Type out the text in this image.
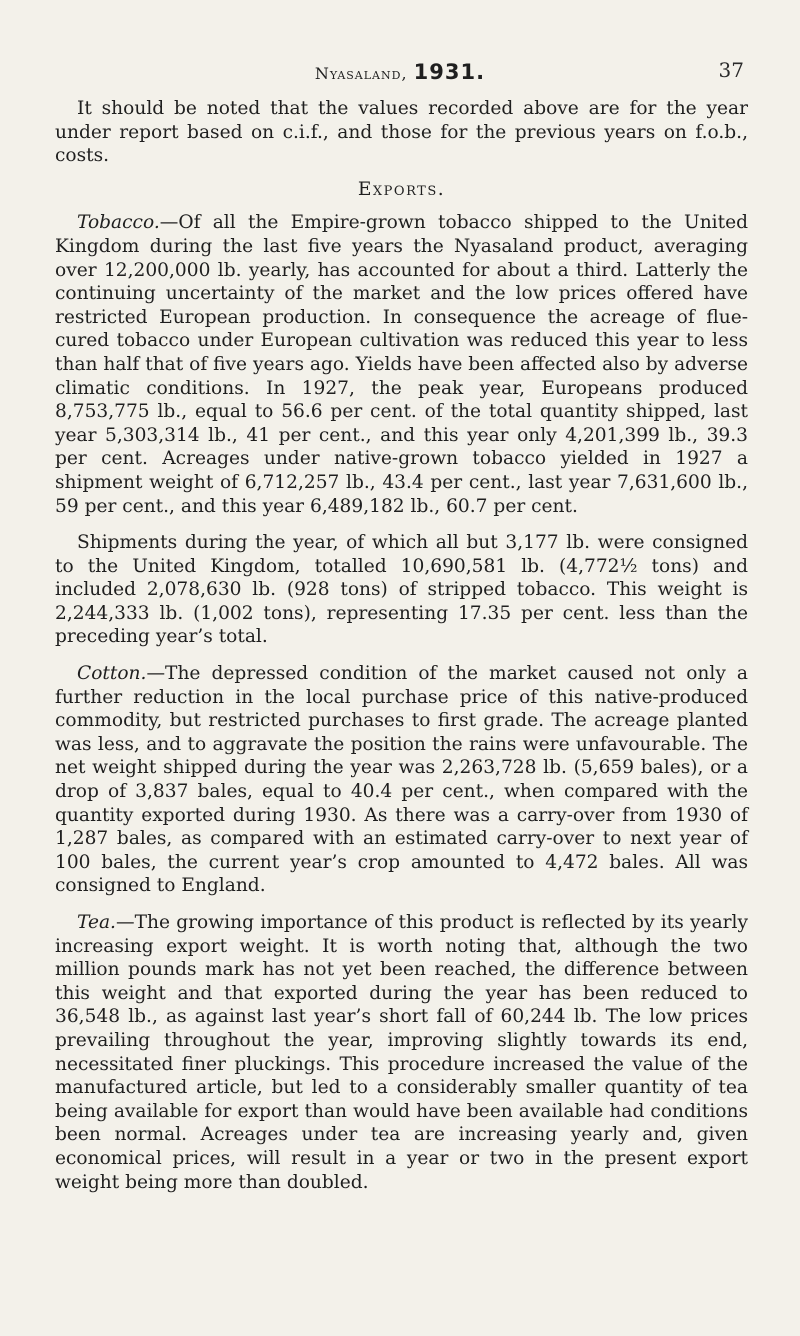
Nyasaland, 1931.	37

It should be noted that the values recorded above are for the year under report based on c.i.f., and those for the previous years on f.o.b., costs.

Exports.

Tobacco.—Of all the Empire-grown tobacco shipped to the United Kingdom during the last five years the Nyasaland product, averaging over 12,200,000 lb. yearly, has accounted for about a third. Latterly the continuing uncertainty of the market and the low prices offered have restricted European production. In consequence the acreage of flue-cured tobacco under European cultivation was reduced this year to less than half that of five years ago. Yields have been affected also by adverse climatic conditions. In 1927, the peak year, Europeans produced 8,753,775 lb., equal to 56.6 per cent. of the total quantity shipped, last year 5,303,314 lb., 41 per cent., and this year only 4,201,399 lb., 39.3 per cent. Acreages under native-grown tobacco yielded in 1927 a shipment weight of 6,712,257 lb., 43.4 per cent., last year 7,631,600 lb., 59 per cent., and this year 6,489,182 lb., 60.7 per cent.

Shipments during the year, of which all but 3,177 lb. were consigned to the United Kingdom, totalled 10,690,581 lb. (4,772½ tons) and included 2,078,630 lb. (928 tons) of stripped tobacco. This weight is 2,244,333 lb. (1,002 tons), representing 17.35 per cent. less than the preceding year’s total.

Cotton.—The depressed condition of the market caused not only a further reduction in the local purchase price of this native-produced commodity, but restricted purchases to first grade. The acreage planted was less, and to aggravate the position the rains were unfavourable. The net weight shipped during the year was 2,263,728 lb. (5,659 bales), or a drop of 3,837 bales, equal to 40.4 per cent., when compared with the quantity exported during 1930. As there was a carry-over from 1930 of 1,287 bales, as compared with an estimated carry-over to next year of 100 bales, the current year’s crop amounted to 4,472 bales. All was consigned to England.

Tea.—The growing importance of this product is reflected by its yearly increasing export weight. It is worth noting that, although the two million pounds mark has not yet been reached, the difference between this weight and that exported during the year has been reduced to 36,548 lb., as against last year’s short fall of 60,244 lb. The low prices prevailing throughout the year, improving slightly towards its end, necessitated finer pluckings. This procedure increased the value of the manufactured article, but led to a considerably smaller quantity of tea being available for export than would have been available had conditions been normal. Acreages under tea are increasing yearly and, given economical prices, will result in a year or two in the present export weight being more than doubled.
